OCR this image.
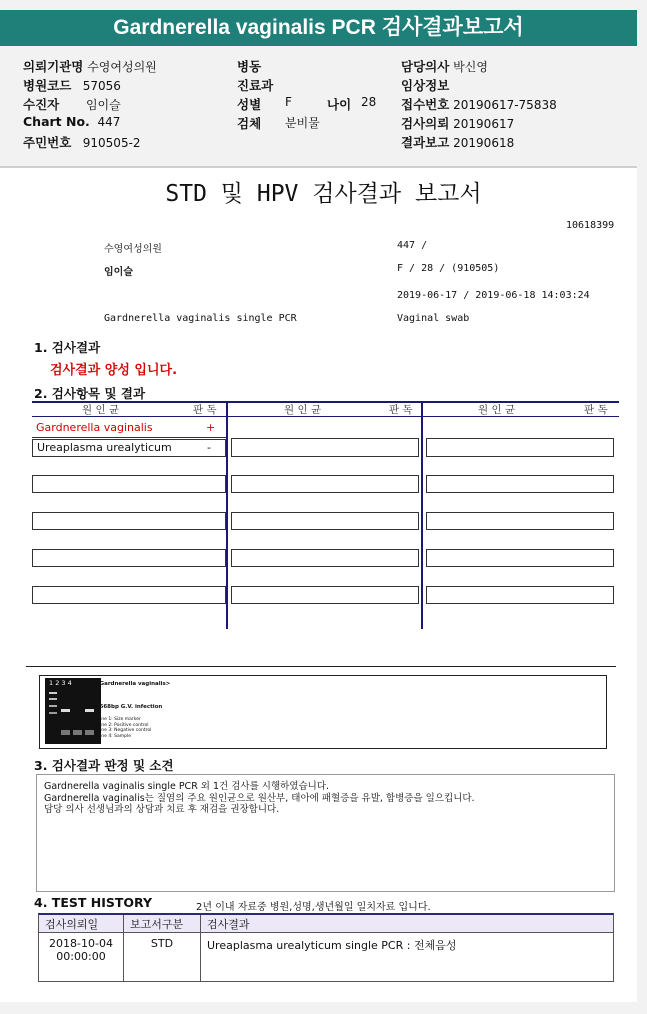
Gardnerella vaginalis PCR 검사결과보고서
의뢰기관명 수영여성의원
병원코드 57056
수진자 임이슬
Chart No. 447
주민번호 910505-2
병동
진료과
성별 F	나이 28
검체 분비물
담당의사 박신영
임상정보
접수번호 20190617-75838
검사의뢰 20190617
결과보고 20190618
STD 및 HPV 검사결과 보고서
10618399
수영여성의원	447 /
임이슬	F / 28 / (910505)
2019-06-17 / 2019-06-18 14:03:24
Gardnerella vaginalis single PCR	Vaginal swab
1. 검사결과
검사결과 양성 입니다.
2. 검사항목 및 결과
원 인 균	판 독	원 인 균	판 독	원 인 균	판 독
Gardnerella vaginalis	+
Ureaplasma urealyticum	-
1 2 3 4	<Gardnerella vaginalis>
← 668bp G.V. infection
Lane 1: Size marker
Lane 2: Positive control
Lane 3: Negative control
Lane 4: Sample
3. 검사결과 판정 및 소견
Gardnerella vaginalis single PCR 외 1건 검사를 시행하였습니다.
Gardnerella vaginalis는 질염의 주요 원인균으로 원산부, 태아에 패혈증을 유발, 합병증을 일으킵니다.
담당 의사 선생님과의 상담과 치료 후 재검을 권장합니다.
4. TEST HISTORY	2년 이내 자료중 병원,성명,생년월일 일치자료 입니다.
검사의뢰일	보고서구분	검사결과

2018-10-04
00:00:00	STD	Ureaplasma urealyticum single PCR : 전체음성
